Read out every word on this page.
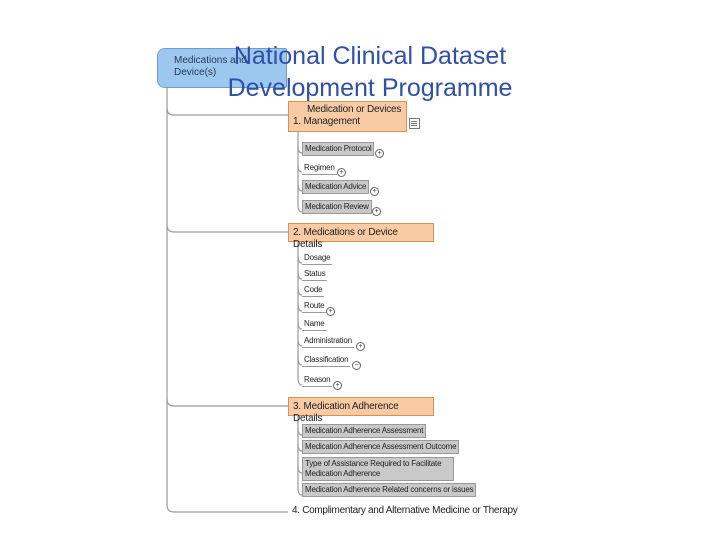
National Clinical Dataset
Development Programme
Medications and
Device(s)
Medication or Devices
1. Management
Medication Protocol
+
Regimen
+
Medication Advice
+
Medication Review
+
2. Medications or Device Details
Dosage
Status
Code
Route
+
Name
Administration
+
Classification
−
Reason
+
3. Medication Adherence Details
Medication Adherence Assessment
Medication Adherence Assessment Outcome
Type of Assistance Required to Facilitate
Medication Adherence
Medication Adherence Related concerns or issues
4. Complimentary and Alternative Medicine or Therapy
